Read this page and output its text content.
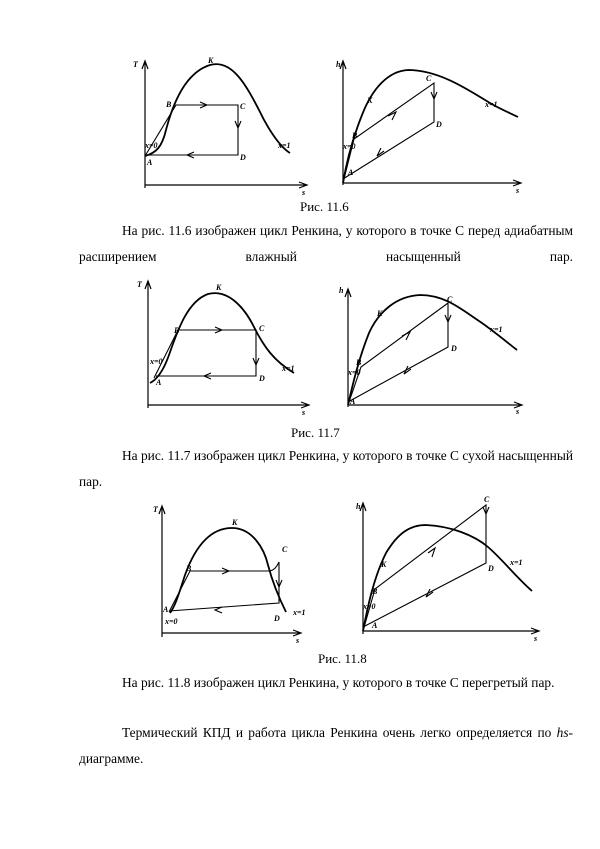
T
s
K
B	C
D
A
x=0	x=1
h
s
C
K
B
D
A
x=0
x=1
Рис. 11.6
На рис. 11.6 изображен цикл Ренкина, у которого в точке С перед адиабатным расширением влажный насыщенный пар.
T
s
K
B	C
D
A
x=0
x=1
h
s
C
K
B
D
A
x=0
x=1
Рис. 11.7
На рис. 11.7 изображен цикл Ренкина, у которого в точке С сухой насыщенный пар.
T
s
K
B
C
D
A
x=0
x=1
h
s
C
K
B
D
A
x=0
x=1
Рис. 11.8
На рис. 11.8 изображен цикл Ренкина, у которого в точке С перегретый пар.
Термический КПД и работа цикла Ренкина очень легко определяется по hs- диаграмме.
